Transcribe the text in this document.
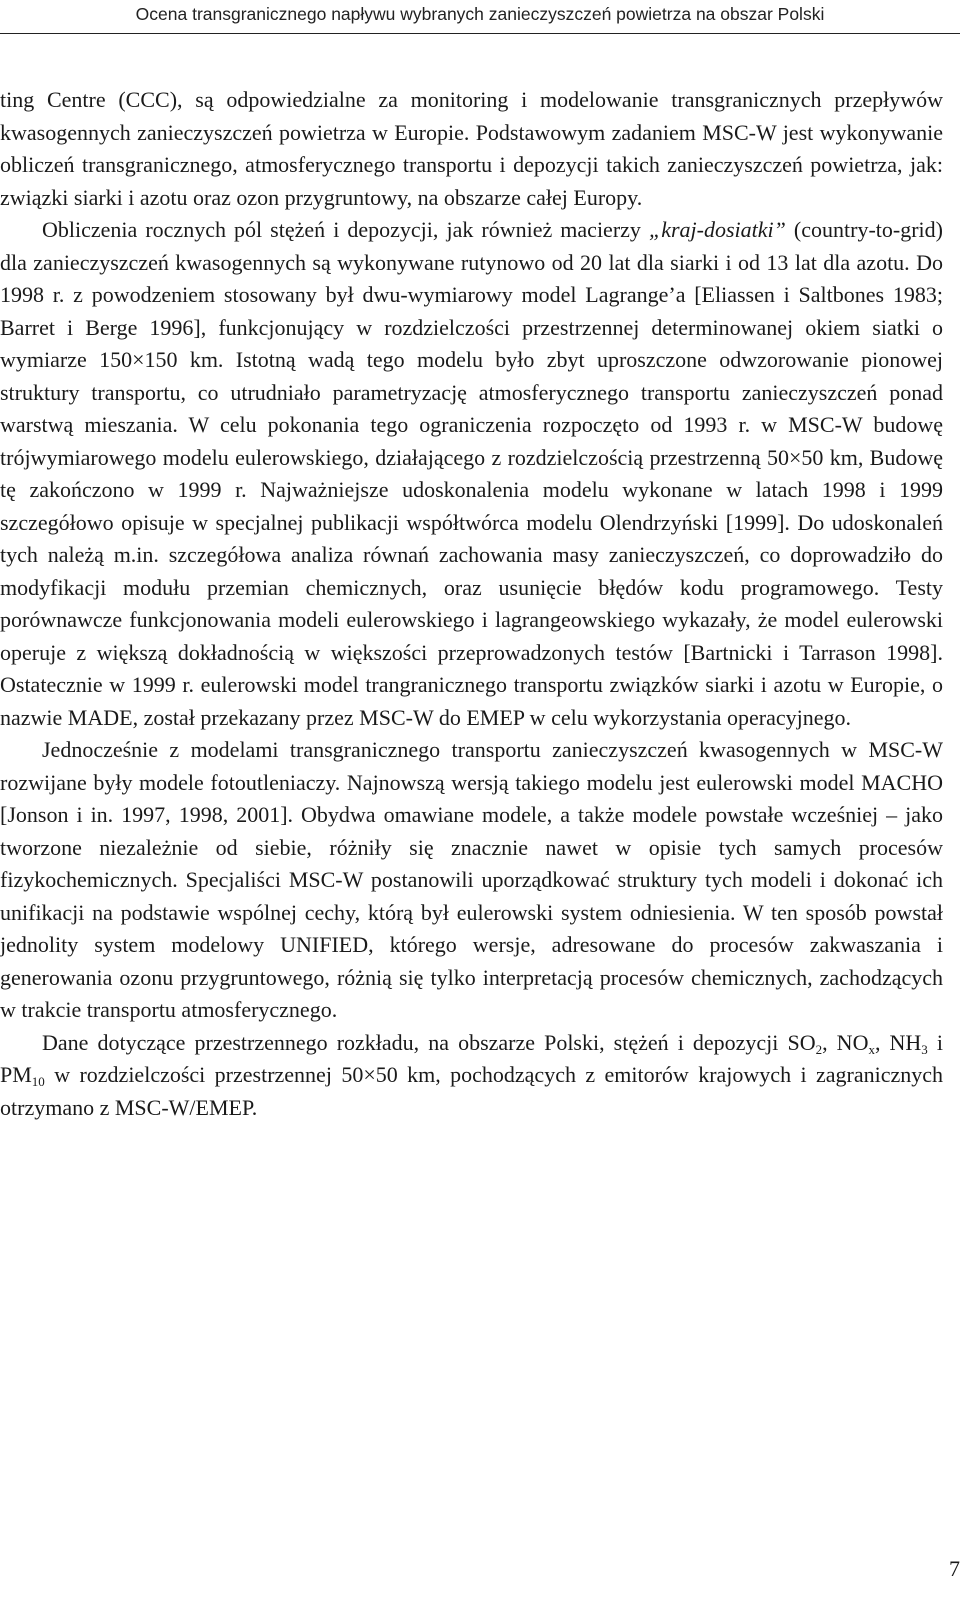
Ocena transgranicznego napływu wybranych zanieczyszczeń powietrza na obszar Polski

ting Centre (CCC), są odpowiedzialne za monitoring i modelowanie transgranicznych przepływów kwasogennych zanieczyszczeń powietrza w Europie. Podstawowym zadaniem MSC-W jest wykonywanie obliczeń transgranicznego, atmosferycznego transportu i depozycji takich zanieczyszczeń powietrza, jak: związki siarki i azotu oraz ozon przygruntowy, na obszarze całej Europy.

Obliczenia rocznych pól stężeń i depozycji, jak również macierzy „kraj-dosiatki” (country-to-grid) dla zanieczyszczeń kwasogennych są wykonywane rutynowo od 20 lat dla siarki i od 13 lat dla azotu. Do 1998 r. z powodzeniem stosowany był dwu-wymiarowy model Lagrange’a [Eliassen i Saltbones 1983; Barret i Berge 1996], funkcjonujący w rozdzielczości przestrzennej determinowanej okiem siatki o wymiarze 150×150 km. Istotną wadą tego modelu było zbyt uproszczone odwzorowanie pionowej struktury transportu, co utrudniało parametryzację atmosferycznego transportu zanieczyszczeń ponad warstwą mieszania. W celu pokonania tego ograniczenia rozpoczęto od 1993 r. w MSC-W budowę trójwymiarowego modelu eulerowskiego, działającego z rozdzielczością przestrzenną 50×50 km, Budowę tę zakończono w 1999 r. Najważniejsze udoskonalenia modelu wykonane w latach 1998 i 1999 szczegółowo opisuje w specjalnej publikacji współtwórca modelu Olendrzyński [1999]. Do udoskonaleń tych należą m.in. szczegółowa analiza równań zachowania masy zanieczyszczeń, co doprowadziło do modyfikacji modułu przemian chemicznych, oraz usunięcie błędów kodu programowego. Testy porównawcze funkcjonowania modeli eulerowskiego i lagrangeowskiego wykazały, że model eulerowski operuje z większą dokładnością w większości przeprowadzonych testów [Bartnicki i Tarrason 1998]. Ostatecznie w 1999 r. eulerowski model trangranicznego transportu związków siarki i azotu w Europie, o nazwie MADE, został przekazany przez MSC-W do EMEP w celu wykorzystania operacyjnego.

Jednocześnie z modelami transgranicznego transportu zanieczyszczeń kwasogennych w MSC-W rozwijane były modele fotoutleniaczy. Najnowszą wersją takiego modelu jest eulerowski model MACHO [Jonson i in. 1997, 1998, 2001]. Obydwa omawiane modele, a także modele powstałe wcześniej – jako tworzone niezależnie od siebie, różniły się znacznie nawet w opisie tych samych procesów fizykochemicznych. Specjaliści MSC-W postanowili uporządkować struktury tych modeli i dokonać ich unifikacji na podstawie wspólnej cechy, którą był eulerowski system odniesienia. W ten sposób powstał jednolity system modelowy UNIFIED, którego wersje, adresowane do procesów zakwaszania i generowania ozonu przygruntowego, różnią się tylko interpretacją procesów chemicznych, zachodzących w trakcie transportu atmosferycznego.

Dane dotyczące przestrzennego rozkładu, na obszarze Polski, stężeń i depozycji $SO_2$, $NO_x$, $NH_3$ i $PM_{10}$ w rozdzielczości przestrzennej 50×50 km, pochodzących z emitorów krajowych i zagranicznych otrzymano z MSC-W/EMEP.

7
